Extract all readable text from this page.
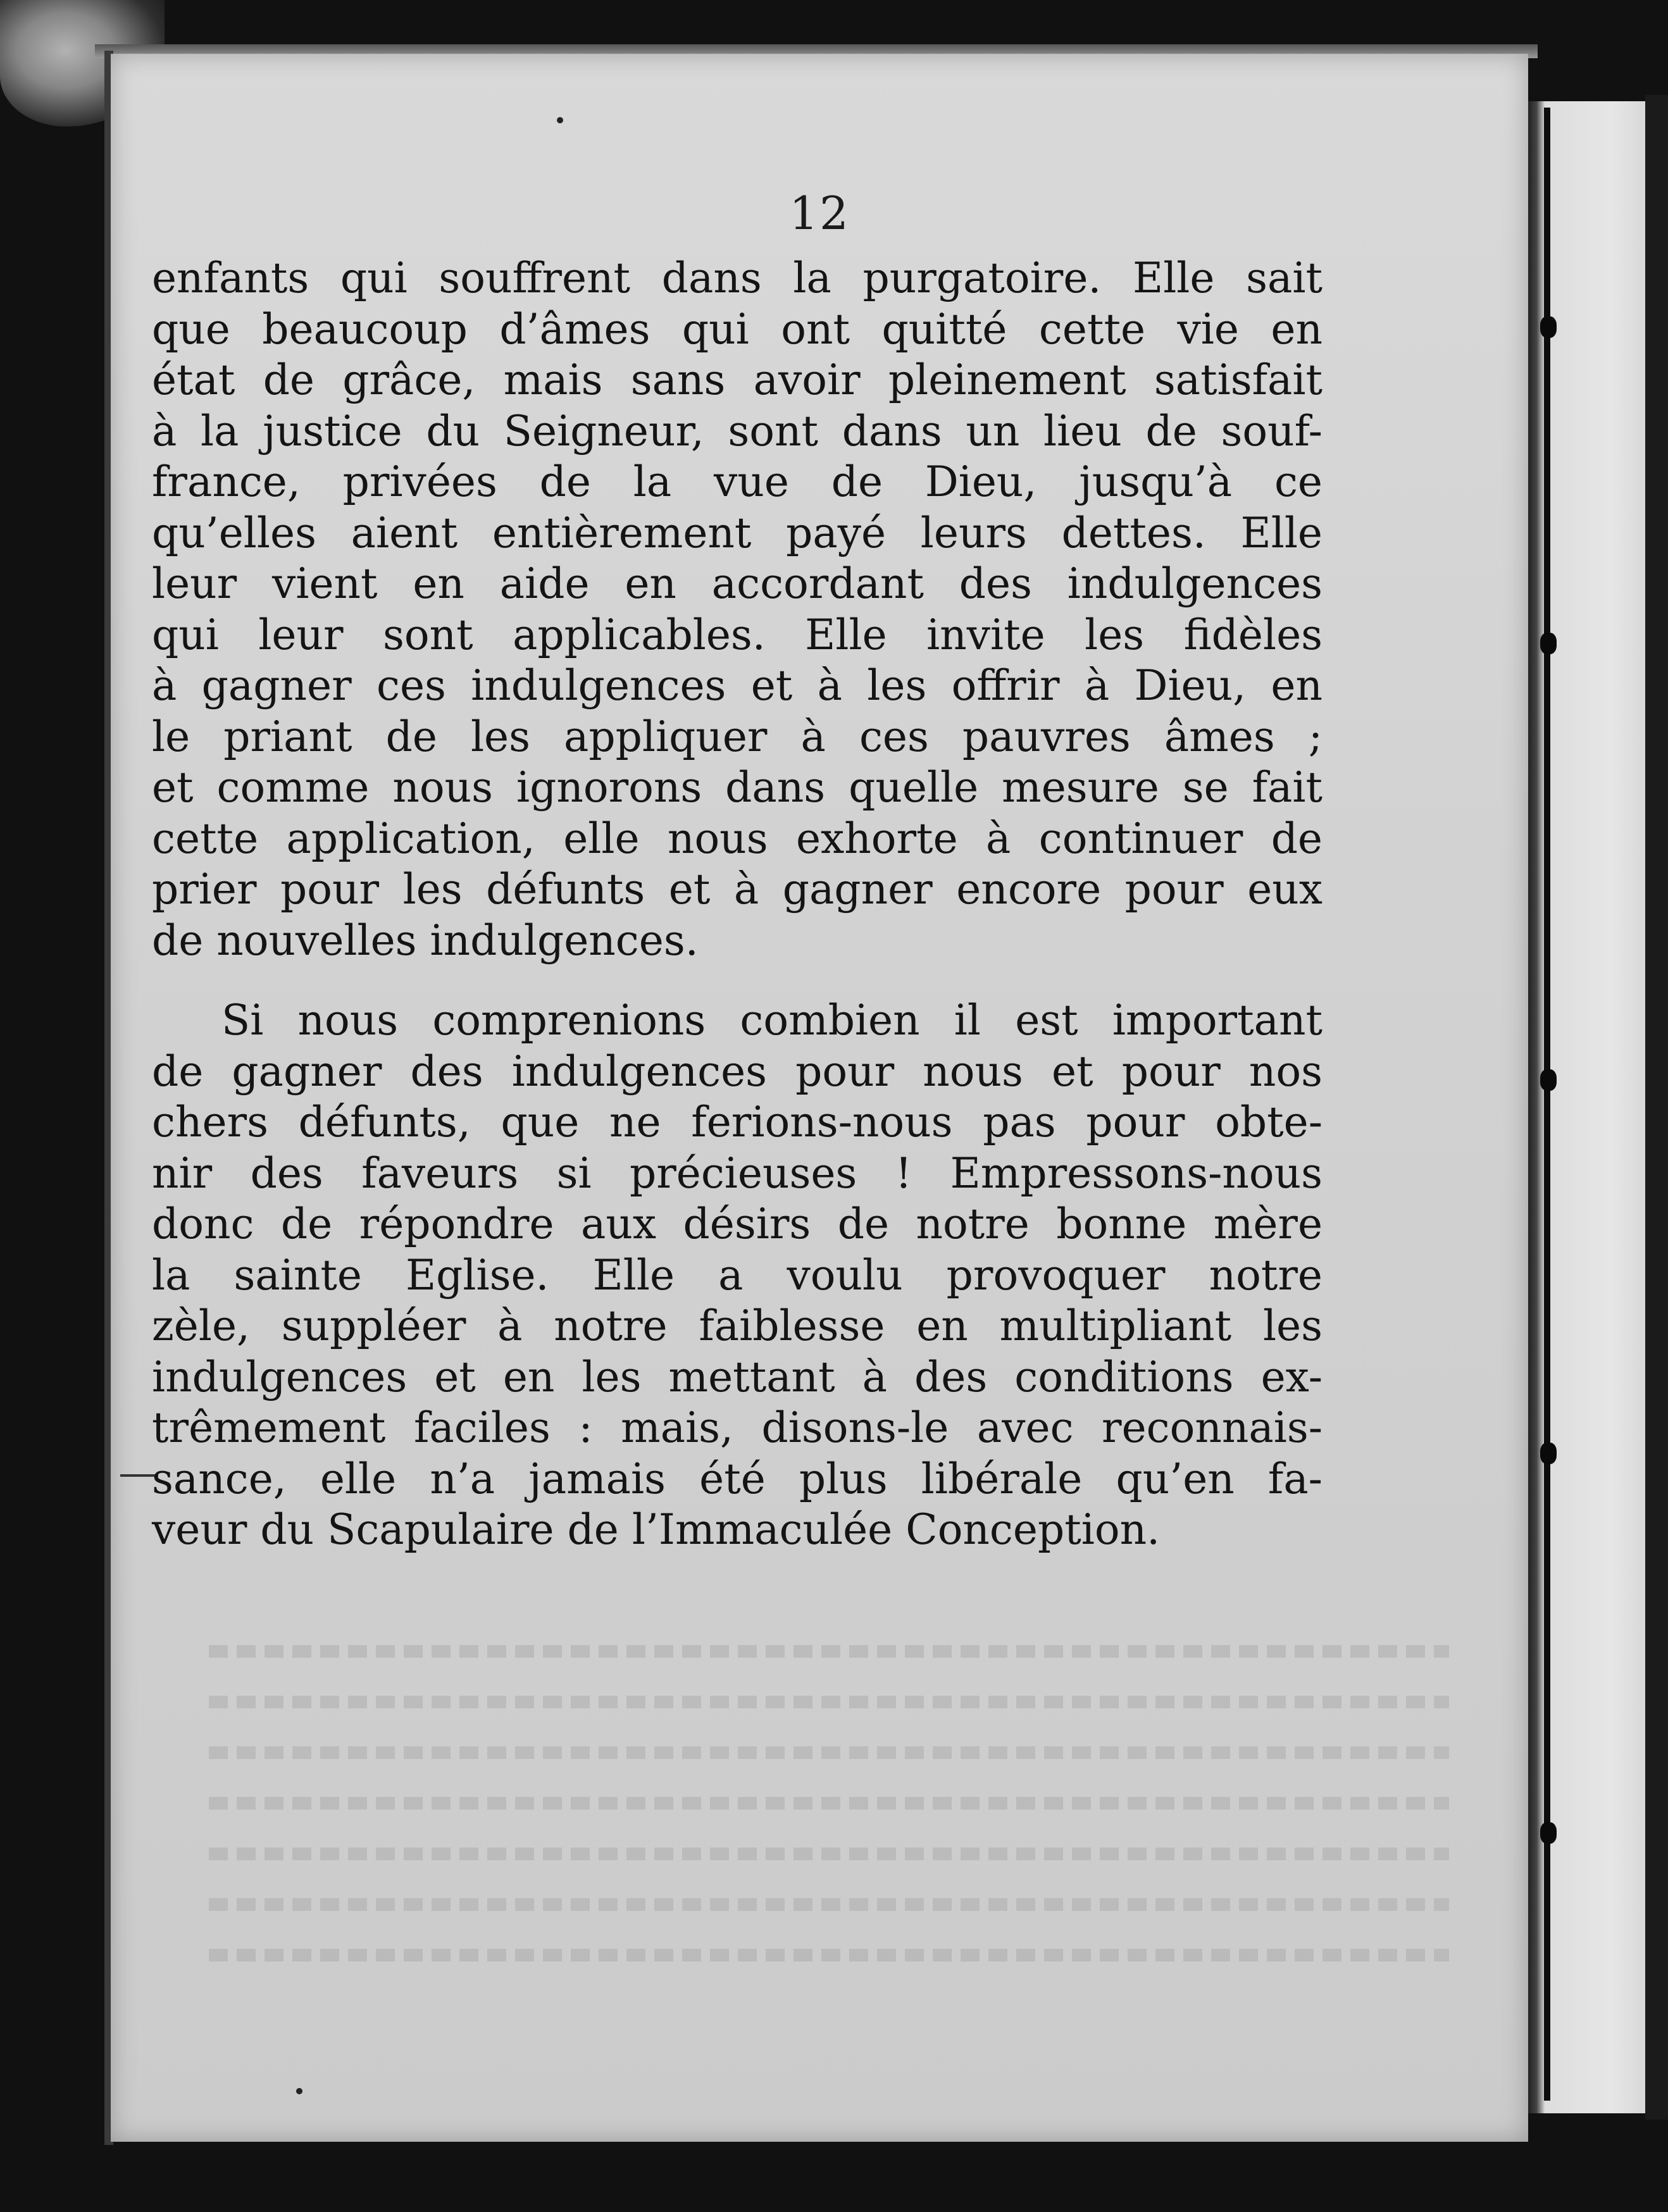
12
enfants qui souffrent dans la purgatoire. Elle sait
que beaucoup d’âmes qui ont quitté cette vie en
état de grâce, mais sans avoir pleinement satisfait
à la justice du Seigneur, sont dans un lieu de souf-
france, privées de la vue de Dieu, jusqu’à ce
qu’elles aient entièrement payé leurs dettes. Elle
leur vient en aide en accordant des indulgences
qui leur sont applicables. Elle invite les fidèles
à gagner ces indulgences et à les offrir à Dieu, en
le priant de les appliquer à ces pauvres âmes ;
et comme nous ignorons dans quelle mesure se fait
cette application, elle nous exhorte à continuer de
prier pour les défunts et à gagner encore pour eux
de nouvelles indulgences.
Si nous comprenions combien il est important
de gagner des indulgences pour nous et pour nos
chers défunts, que ne ferions-nous pas pour obte-
nir des faveurs si précieuses ! Empressons-nous
donc de répondre aux désirs de notre bonne mère
la sainte Eglise. Elle a voulu provoquer notre
zèle, suppléer à notre faiblesse en multipliant les
indulgences et en les mettant à des conditions ex-
trêmement faciles : mais, disons-le avec reconnais-
sance, elle n’a jamais été plus libérale qu’en fa-
veur du Scapulaire de l’Immaculée Conception.
